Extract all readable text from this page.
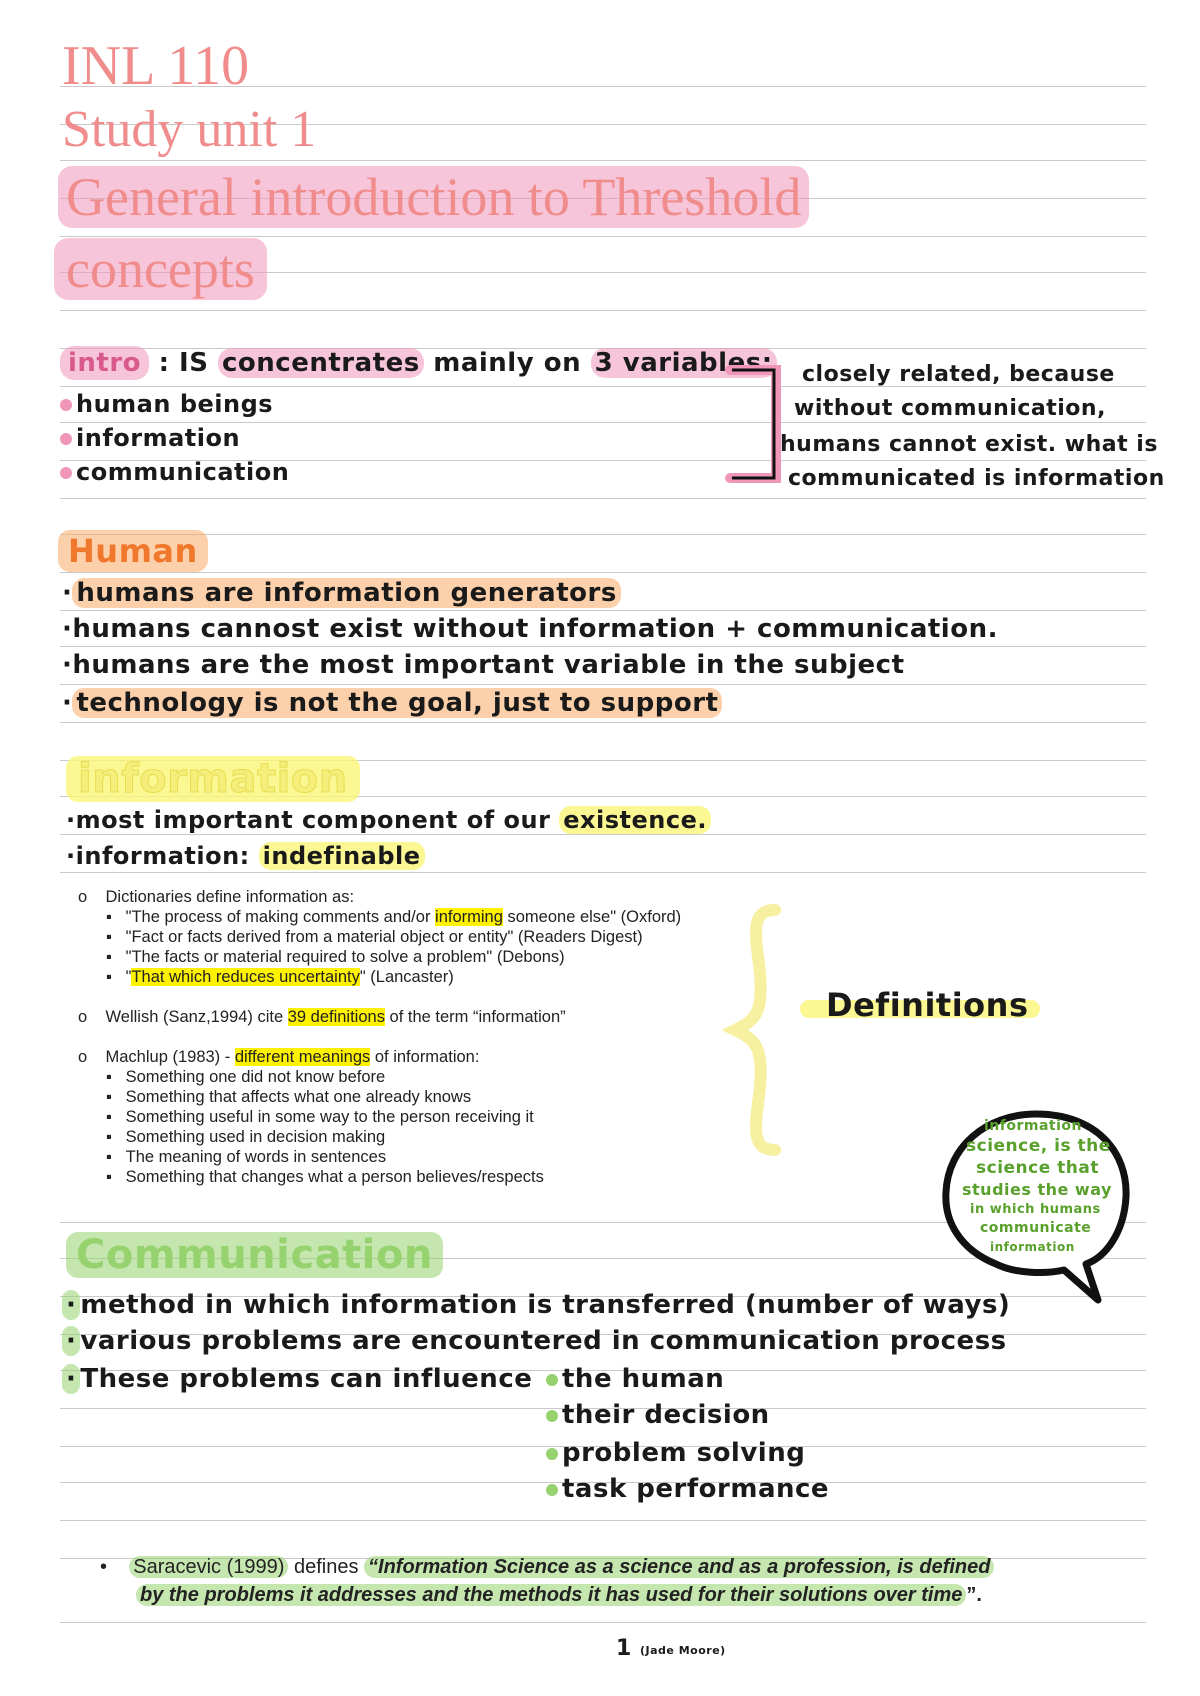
INL 110
Study unit 1
General introduction to Threshold
concepts
intro : IS concentrates mainly on 3 variables:
human beings
information
communication
closely related, because
without communication,
humans cannot exist. what is
communicated is information
Human
· humans are information generators
·humans cannost exist without information + communication.
·humans are the most important variable in the subject
· technology is not the goal, just to support
information
·most important component of our existence.
·information: indefinable
o    Dictionaries define information as:
▪   "The process of making comments and/or informing someone else" (Oxford)
▪   "Fact or facts derived from a material object or entity" (Readers Digest)
▪   "The facts or material required to solve a problem" (Debons)
▪   "That which reduces uncertainty" (Lancaster)
o    Wellish (Sanz,1994) cite 39 definitions of the term “information”
o    Machlup (1983) - different meanings of information:
▪   Something one did not know before
▪   Something that affects what one already knows
▪   Something useful in some way to the person receiving it
▪   Something used in decision making
▪   The meaning of words in sentences
▪   Something that changes what a person believes/respects
Definitions
information
science, is the
science that
studies the way
in which humans
communicate
information
Communication
· method in which information is transferred (number of ways)
· various problems are encountered in communication process
· These problems can influence	the human
their decision
problem solving
task performance
•    Saracevic (1999) defines “Information Science as a science and as a profession, is defined
by the problems it addresses and the methods it has used for their solutions over time ”.
1 (Jade Moore)
